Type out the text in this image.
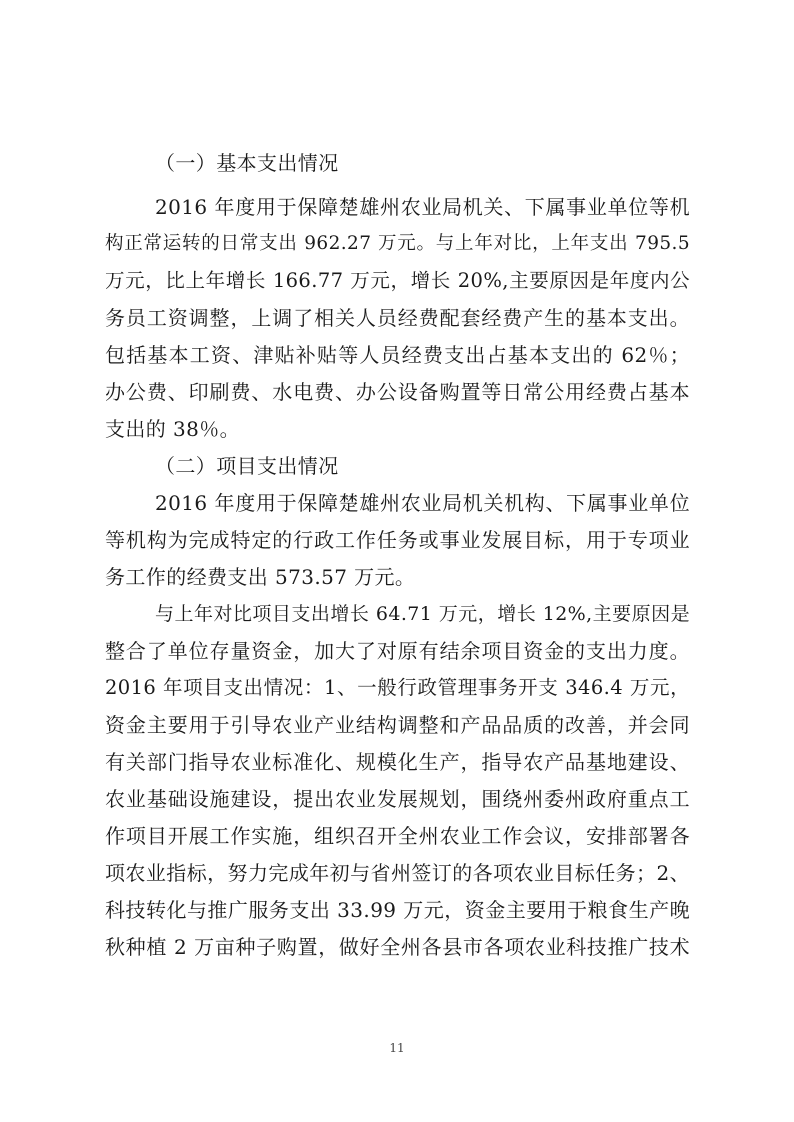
（一）基本支出情况
2016 年度用于保障楚雄州农业局机关、下属事业单位等机
构正常运转的日常支出 962.27 万元。与上年对比，上年支出 795.5
万元，比上年增长 166.77 万元，增长 20%,主要原因是年度内公
务员工资调整，上调了相关人员经费配套经费产生的基本支出。
包括基本工资、津贴补贴等人员经费支出占基本支出的 62％；
办公费、印刷费、水电费、办公设备购置等日常公用经费占基本
支出的 38％。
（二）项目支出情况
2016 年度用于保障楚雄州农业局机关机构、下属事业单位
等机构为完成特定的行政工作任务或事业发展目标，用于专项业
务工作的经费支出 573.57 万元。
与上年对比项目支出增长 64.71 万元，增长 12%,主要原因是
整合了单位存量资金，加大了对原有结余项目资金的支出力度。
2016 年项目支出情况：1、一般行政管理事务开支 346.4 万元，
资金主要用于引导农业产业结构调整和产品品质的改善，并会同
有关部门指导农业标准化、规模化生产，指导农产品基地建设、
农业基础设施建设，提出农业发展规划，围绕州委州政府重点工
作项目开展工作实施，组织召开全州农业工作会议，安排部署各
项农业指标，努力完成年初与省州签订的各项农业目标任务；2、
科技转化与推广服务支出 33.99 万元，资金主要用于粮食生产晚
秋种植 2 万亩种子购置，做好全州各县市各项农业科技推广技术
11
